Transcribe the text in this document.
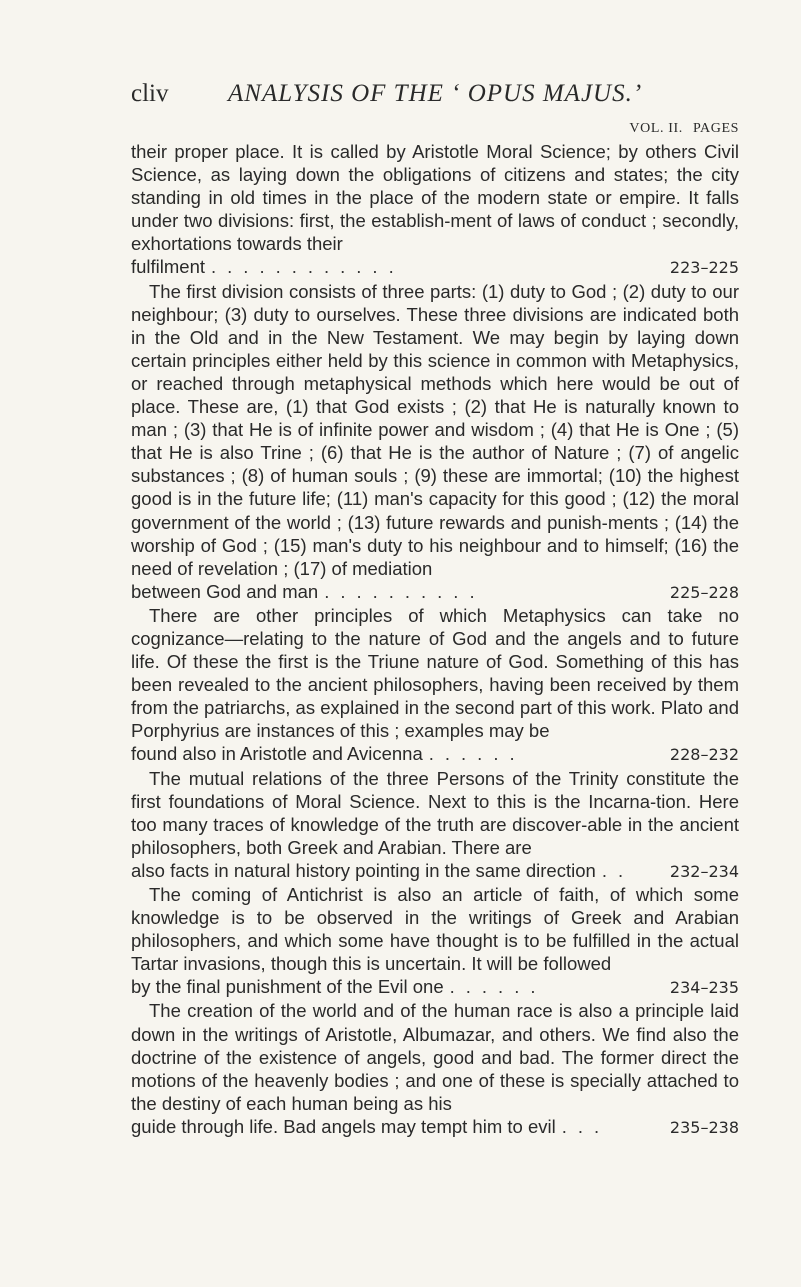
cliv ANALYSIS OF THE ‘ OPUS MAJUS.’
VOL. II. PAGES

their proper place. It is called by Aristotle Moral Science; by others Civil Science, as laying down the obligations of citizens and states; the city standing in old times in the place of the modern state or empire. It falls under two divisions: first, the establish-ment of laws of conduct ; secondly, exhortations towards their

fulfilment ............	223–225

The first division consists of three parts: (1) duty to God ; (2) duty to our neighbour; (3) duty to ourselves. These three divisions are indicated both in the Old and in the New Testament. We may begin by laying down certain principles either held by this science in common with Metaphysics, or reached through metaphysical methods which here would be out of place. These are, (1) that God exists ; (2) that He is naturally known to man ; (3) that He is of infinite power and wisdom ; (4) that He is One ; (5) that He is also Trine ; (6) that He is the author of Nature ; (7) of angelic substances ; (8) of human souls ; (9) these are immortal; (10) the highest good is in the future life; (11) man's capacity for this good ; (12) the moral government of the world ; (13) future rewards and punish-ments ; (14) the worship of God ; (15) man's duty to his neighbour and to himself; (16) the need of revelation ; (17) of mediation

between God and man ..........	225–228

There are other principles of which Metaphysics can take no cognizance—relating to the nature of God and the angels and to future life. Of these the first is the Triune nature of God. Something of this has been revealed to the ancient philosophers, having been received by them from the patriarchs, as explained in the second part of this work. Plato and Porphyrius are instances of this ; examples may be

found also in Aristotle and Avicenna ......	228–232

The mutual relations of the three Persons of the Trinity constitute the first foundations of Moral Science. Next to this is the Incarna-tion. Here too many traces of knowledge of the truth are discover-able in the ancient philosophers, both Greek and Arabian. There are

also facts in natural history pointing in the same direction ..	232–234

The coming of Antichrist is also an article of faith, of which some knowledge is to be observed in the writings of Greek and Arabian philosophers, and which some have thought is to be fulfilled in the actual Tartar invasions, though this is uncertain. It will be followed

by the final punishment of the Evil one ......	234–235

The creation of the world and of the human race is also a principle laid down in the writings of Aristotle, Albumazar, and others. We find also the doctrine of the existence of angels, good and bad. The former direct the motions of the heavenly bodies ; and one of these is specially attached to the destiny of each human being as his

guide through life. Bad angels may tempt him to evil ...	235–238
